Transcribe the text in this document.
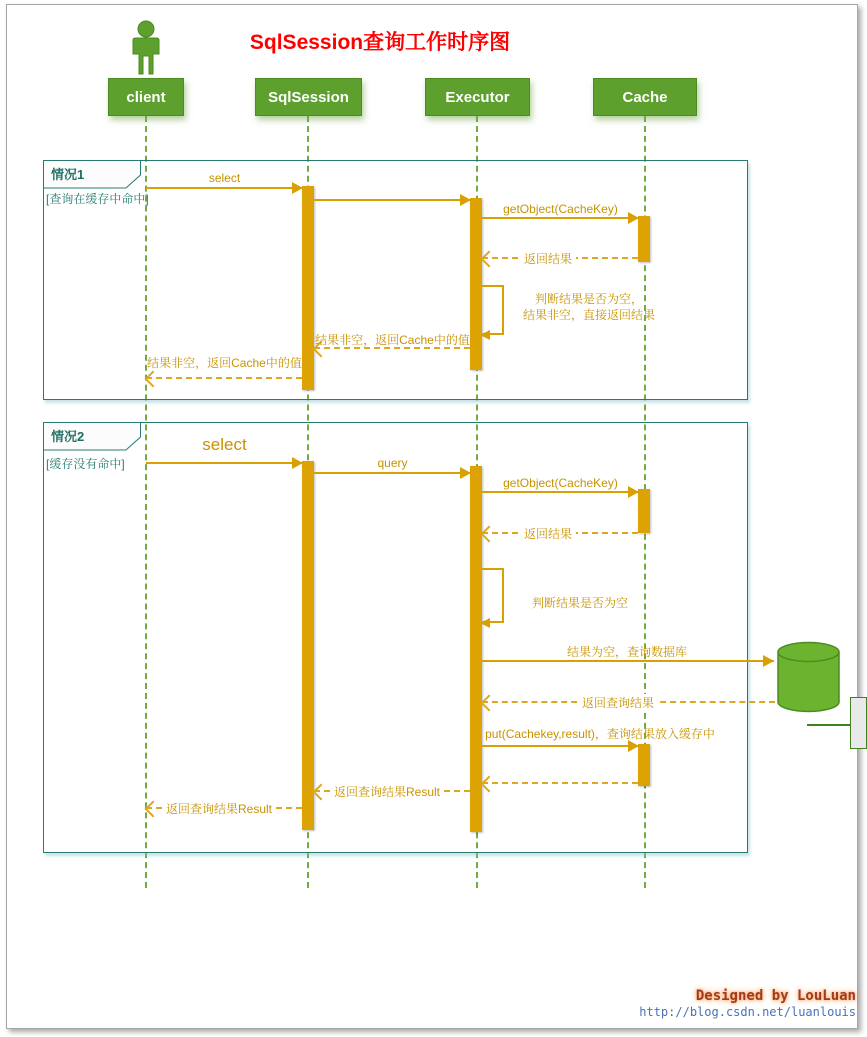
SqlSession查询工作时序图
client	SqlSession	Executor	Cache
情况1
[查询在缓存中命中]
select
getObject(CacheKey)
返回结果
判断结果是否为空，
结果非空，直接返回结果
结果非空，返回Cache中的值
结果非空，返回Cache中的值
情况2
[缓存没有命中]
select
query
getObject(CacheKey)
返回结果
判断结果是否为空
结果为空，查询数据库
返回查询结果
put(Cachekey,result)，查询结果放入缓存中
返回查询结果Result
返回查询结果Result
Designed by LouLuan
http://blog.csdn.net/luanlouis
